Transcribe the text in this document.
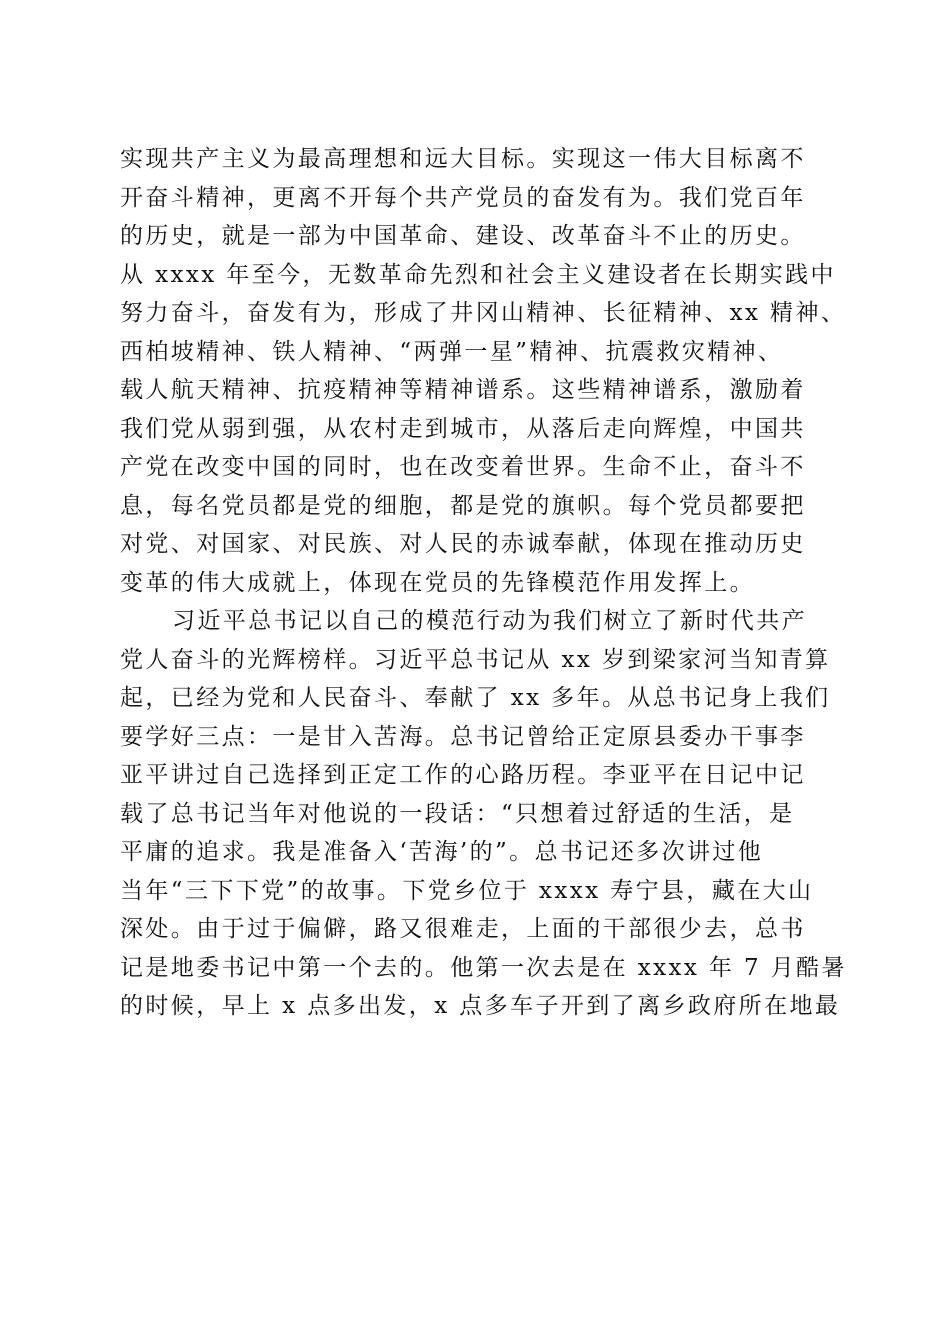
实现共产主义为最高理想和远大目标。实现这一伟大目标离不
开奋斗精神，更离不开每个共产党员的奋发有为。我们党百年
的历史，就是一部为中国革命、建设、改革奋斗不止的历史。
从 xxxx 年至今，无数革命先烈和社会主义建设者在长期实践中
努力奋斗，奋发有为，形成了井冈山精神、长征精神、xx 精神、
西柏坡精神、铁人精神、“两弹一星”精神、抗震救灾精神、
载人航天精神、抗疫精神等精神谱系。这些精神谱系，激励着
我们党从弱到强，从农村走到城市，从落后走向辉煌，中国共
产党在改变中国的同时，也在改变着世界。生命不止，奋斗不
息，每名党员都是党的细胞，都是党的旗帜。每个党员都要把
对党、对国家、对民族、对人民的赤诚奉献，体现在推动历史
变革的伟大成就上，体现在党员的先锋模范作用发挥上。
习近平总书记以自己的模范行动为我们树立了新时代共产
党人奋斗的光辉榜样。习近平总书记从 xx 岁到梁家河当知青算
起，已经为党和人民奋斗、奉献了 xx 多年。从总书记身上我们
要学好三点：一是甘入苦海。总书记曾给正定原县委办干事李
亚平讲过自己选择到正定工作的心路历程。李亚平在日记中记
载了总书记当年对他说的一段话：“只想着过舒适的生活，是
平庸的追求。我是准备入‘苦海’的”。总书记还多次讲过他
当年“三下下党”的故事。下党乡位于 xxxx 寿宁县，藏在大山
深处。由于过于偏僻，路又很难走，上面的干部很少去，总书
记是地委书记中第一个去的。他第一次去是在 xxxx 年 7 月酷暑
的时候，早上 x 点多出发，x 点多车子开到了离乡政府所在地最
